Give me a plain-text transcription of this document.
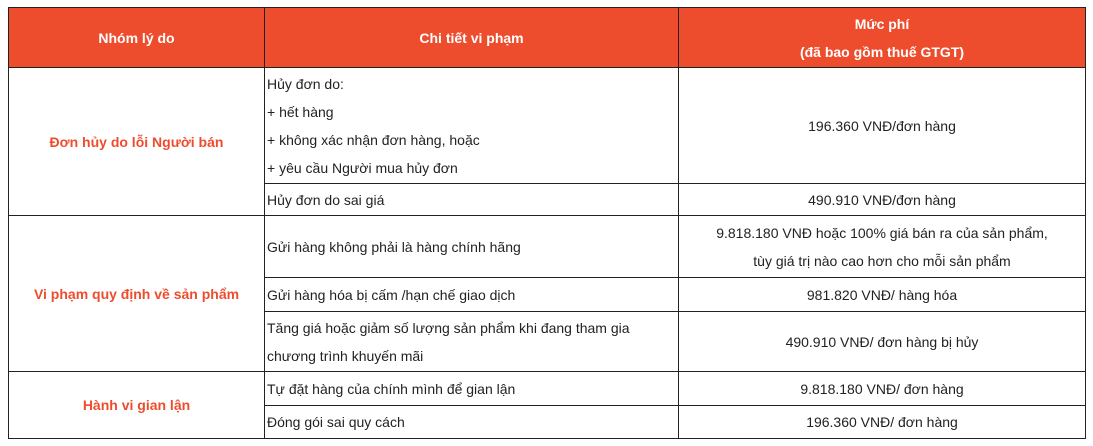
Nhóm lý do	Chi tiết vi phạm	Mức phí
(đã bao gồm thuế GTGT)

Đơn hủy do lỗi Người bán	Hủy đơn do:
+ hết hàng
+ không xác nhận đơn hàng, hoặc
+ yêu cầu Người mua hủy đơn	196.360 VNĐ/đơn hàng

	Hủy đơn do sai giá	490.910 VNĐ/đơn hàng

Vi phạm quy định về sản phẩm	Gửi hàng không phải là hàng chính hãng	9.818.180 VNĐ hoặc 100% giá bán ra của sản phẩm,
tùy giá trị nào cao hơn cho mỗi sản phẩm

	Gửi hàng hóa bị cấm /hạn chế giao dịch	981.820 VNĐ/ hàng hóa

	Tăng giá hoặc giảm số lượng sản phẩm khi đang tham gia
chương trình khuyến mãi	490.910 VNĐ/ đơn hàng bị hủy

Hành vi gian lận	Tự đặt hàng của chính mình để gian lận	9.818.180 VNĐ/ đơn hàng

	Đóng gói sai quy cách	196.360 VNĐ/ đơn hàng
